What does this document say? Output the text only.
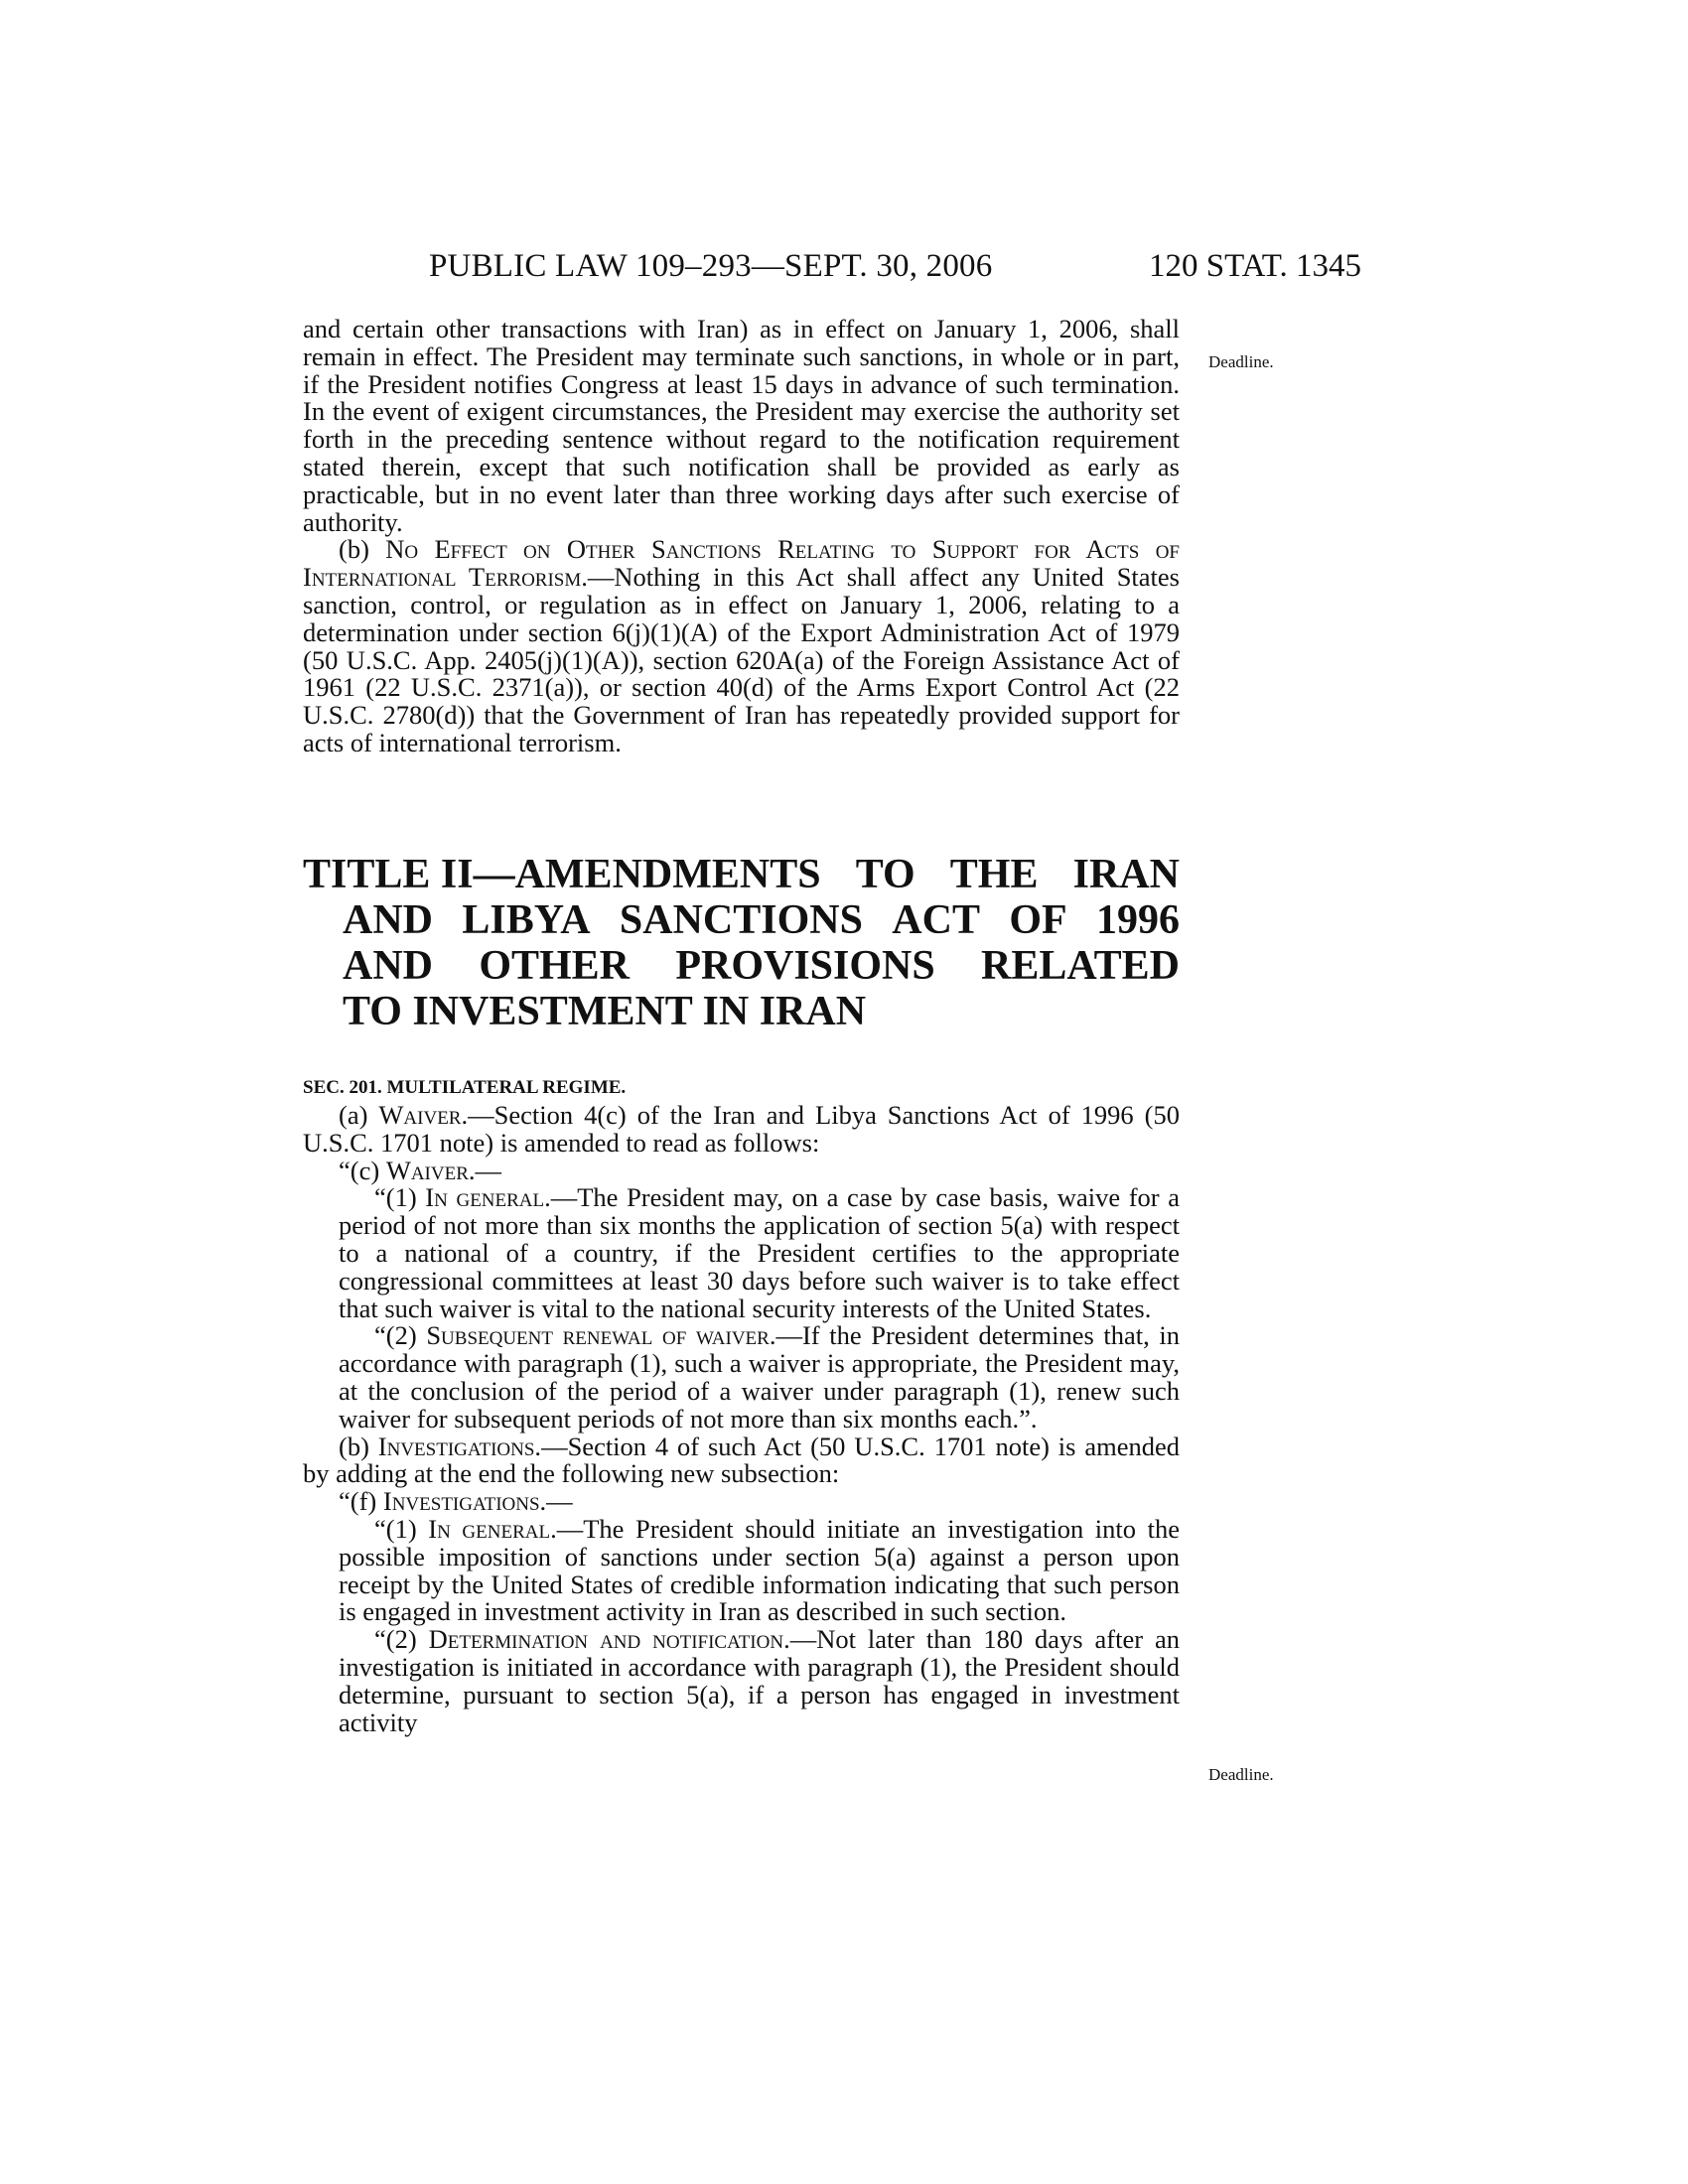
PUBLIC LAW 109–293—SEPT. 30, 2006	120 STAT. 1345
Deadline.
Deadline.

and certain other transactions with Iran) as in effect on January 1, 2006, shall remain in effect. The President may terminate such sanctions, in whole or in part, if the President notifies Congress at least 15 days in advance of such termination. In the event of exigent circumstances, the President may exercise the authority set forth in the preceding sentence without regard to the notification requirement stated therein, except that such notification shall be provided as early as practicable, but in no event later than three working days after such exercise of authority.

(b) No Effect on Other Sanctions Relating to Support for Acts of International Terrorism.—Nothing in this Act shall affect any United States sanction, control, or regulation as in effect on January 1, 2006, relating to a determination under section 6(j)(1)(A) of the Export Administration Act of 1979 (50 U.S.C. App. 2405(j)(1)(A)), section 620A(a) of the Foreign Assistance Act of 1961 (22 U.S.C. 2371(a)), or section 40(d) of the Arms Export Control Act (22 U.S.C. 2780(d)) that the Government of Iran has repeatedly provided support for acts of international terrorism.

TITLE II—AMENDMENTS TO THE IRAN
AND LIBYA SANCTIONS ACT OF 1996
AND OTHER PROVISIONS RELATED
TO INVESTMENT IN IRAN
SEC. 201. MULTILATERAL REGIME.

(a) Waiver.—Section 4(c) of the Iran and Libya Sanctions Act of 1996 (50 U.S.C. 1701 note) is amended to read as follows:

“(c) Waiver.—

“(1) In general.—The President may, on a case by case basis, waive for a period of not more than six months the application of section 5(a) with respect to a national of a country, if the President certifies to the appropriate congressional committees at least 30 days before such waiver is to take effect that such waiver is vital to the national security interests of the United States.

“(2) Subsequent renewal of waiver.—If the President determines that, in accordance with paragraph (1), such a waiver is appropriate, the President may, at the conclusion of the period of a waiver under paragraph (1), renew such waiver for subsequent periods of not more than six months each.”.

(b) Investigations.—Section 4 of such Act (50 U.S.C. 1701 note) is amended by adding at the end the following new subsection:

“(f) Investigations.—

“(1) In general.—The President should initiate an investigation into the possible imposition of sanctions under section 5(a) against a person upon receipt by the United States of credible information indicating that such person is engaged in investment activity in Iran as described in such section.

“(2) Determination and notification.—Not later than 180 days after an investigation is initiated in accordance with paragraph (1), the President should determine, pursuant to section 5(a), if a person has engaged in investment activity
